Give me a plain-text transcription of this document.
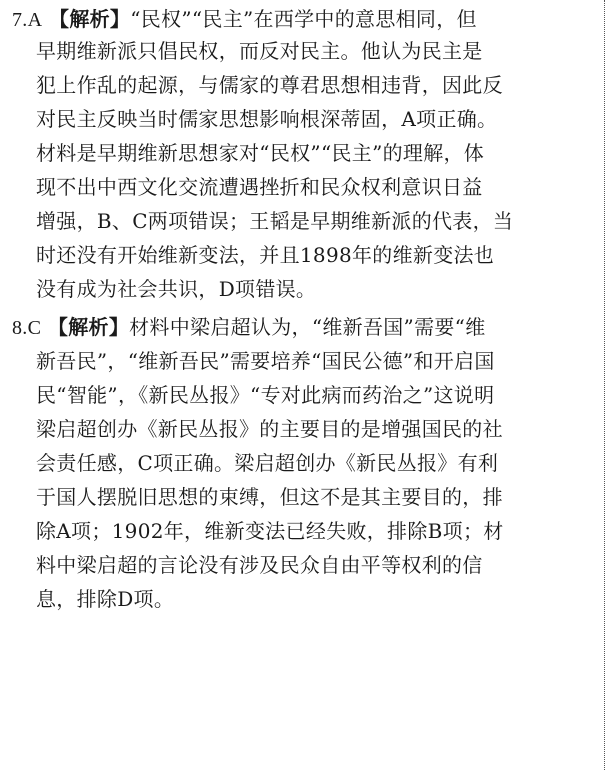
7.A 【解析】“民权”“民主”在西学中的意思相同，但
早期维新派只倡民权，而反对民主。他认为民主是
犯上作乱的起源，与儒家的尊君思想相违背，因此反
对民主反映当时儒家思想影响根深蒂固，A项正确。
材料是早期维新思想家对“民权”“民主”的理解，体
现不出中西文化交流遭遇挫折和民众权利意识日益
增强，B、C两项错误；王韬是早期维新派的代表，当
时还没有开始维新变法，并且1898年的维新变法也
没有成为社会共识，D项错误。
8.C 【解析】材料中梁启超认为，“维新吾国”需要“维
新吾民”，“维新吾民”需要培养“国民公德”和开启国
民“智能”，《新民丛报》“专对此病而药治之”这说明
梁启超创办《新民丛报》的主要目的是增强国民的社
会责任感，C项正确。梁启超创办《新民丛报》有利
于国人摆脱旧思想的束缚，但这不是其主要目的，排
除A项；1902年，维新变法已经失败，排除B项；材
料中梁启超的言论没有涉及民众自由平等权利的信
息，排除D项。
